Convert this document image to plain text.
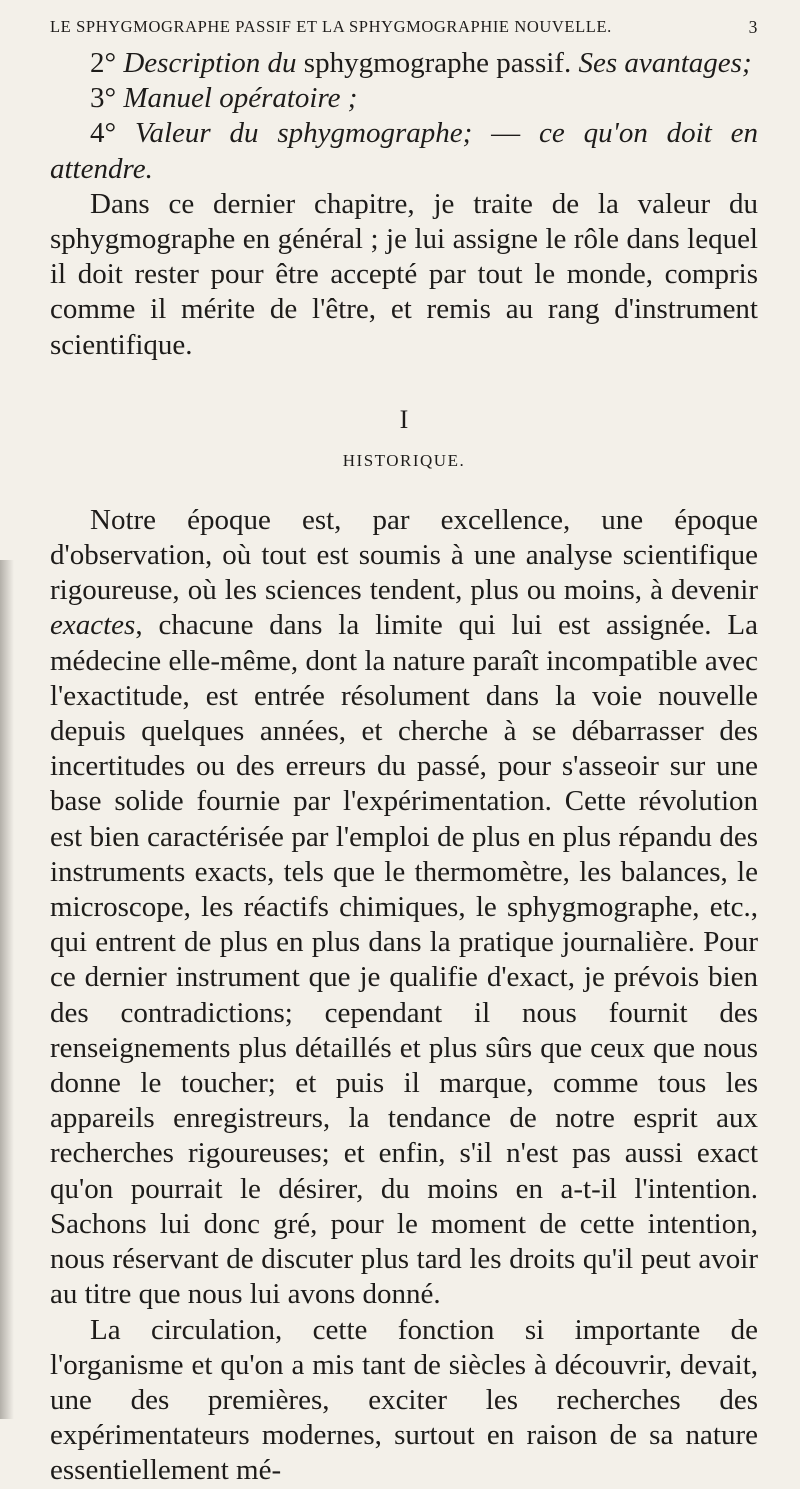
LE SPHYGMOGRAPHE PASSIF ET LA SPHYGMOGRAPHIE NOUVELLE.	3
2° Description du sphygmographe passif. Ses avantages;
3° Manuel opératoire ;

4° Valeur du sphygmographe; — ce qu'on doit en attendre.

Dans ce dernier chapitre, je traite de la valeur du sphygmographe en général ; je lui assigne le rôle dans lequel il doit rester pour être accepté par tout le monde, compris comme il mérite de l'être, et remis au rang d'instrument scientifique.

I
HISTORIQUE.

Notre époque est, par excellence, une époque d'observation, où tout est soumis à une analyse scientifique rigoureuse, où les sciences tendent, plus ou moins, à devenir exactes, chacune dans la limite qui lui est assignée. La médecine elle-même, dont la nature paraît incompatible avec l'exactitude, est entrée résolument dans la voie nouvelle depuis quelques années, et cherche à se débarrasser des incertitudes ou des erreurs du passé, pour s'asseoir sur une base solide fournie par l'expérimentation. Cette révolution est bien caractérisée par l'emploi de plus en plus répandu des instruments exacts, tels que le thermomètre, les balances, le microscope, les réactifs chimiques, le sphygmographe, etc., qui entrent de plus en plus dans la pratique journalière. Pour ce dernier instrument que je qualifie d'exact, je prévois bien des contradictions; cependant il nous fournit des renseignements plus détaillés et plus sûrs que ceux que nous donne le toucher; et puis il marque, comme tous les appareils enregistreurs, la tendance de notre esprit aux recherches rigoureuses; et enfin, s'il n'est pas aussi exact qu'on pourrait le désirer, du moins en a-t-il l'intention. Sachons lui donc gré, pour le moment de cette intention, nous réservant de discuter plus tard les droits qu'il peut avoir au titre que nous lui avons donné.

La circulation, cette fonction si importante de l'organisme et qu'on a mis tant de siècles à découvrir, devait, une des premières, exciter les recherches des expérimentateurs modernes, surtout en raison de sa nature essentiellement mé-
